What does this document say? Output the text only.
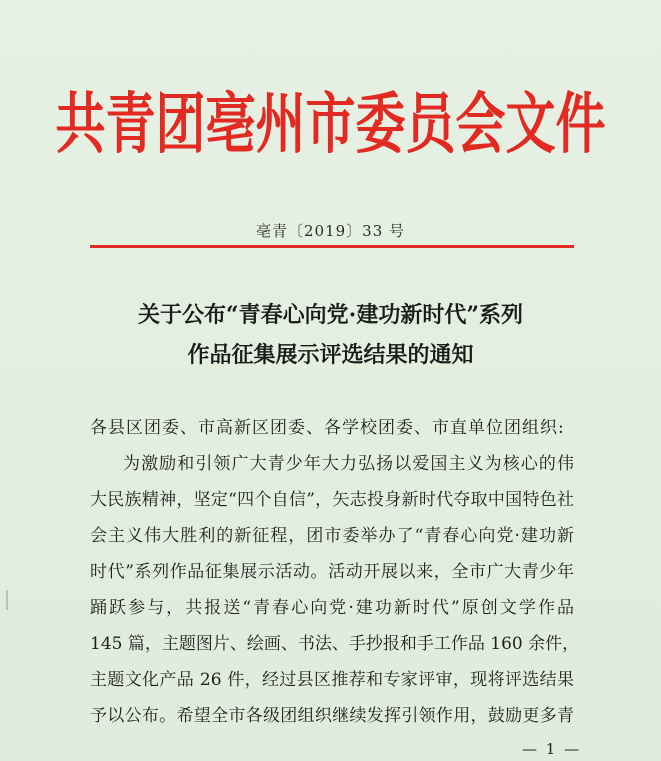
共青团亳州市委员会文件
亳青〔2019〕33 号
关于公布“青春心向党·建功新时代”系列
作品征集展示评选结果的通知
各县区团委、市高新区团委、各学校团委、市直单位团组织:
为激励和引领广大青少年大力弘扬以爱国主义为核心的伟
大民族精神，坚定“四个自信”，矢志投身新时代夺取中国特色社
会主义伟大胜利的新征程，团市委举办了“青春心向党·建功新
时代”系列作品征集展示活动。活动开展以来，全市广大青少年
踊跃参与，共报送“青春心向党·建功新时代”原创文学作品
145 篇，主题图片、绘画、书法、手抄报和手工作品 160 余件，
主题文化产品 26 件，经过县区推荐和专家评审，现将评选结果
予以公布。希望全市各级团组织继续发挥引领作用，鼓励更多青
— 1 —
